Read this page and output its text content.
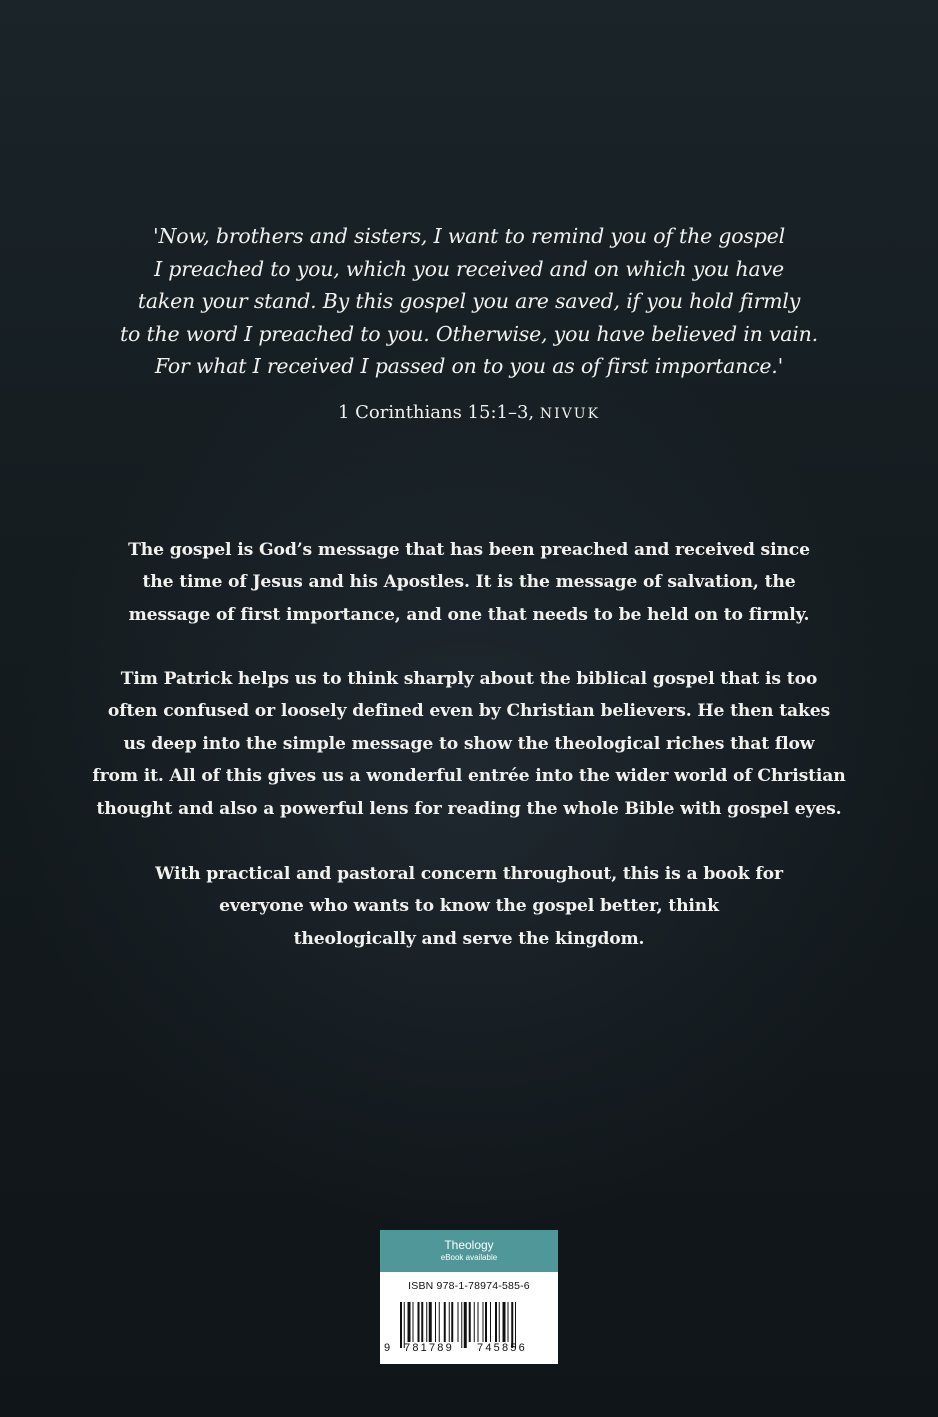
'Now, brothers and sisters, I want to remind you of the gospel
I preached to you, which you received and on which you have
taken your stand. By this gospel you are saved, if you hold firmly
to the word I preached to you. Otherwise, you have believed in vain.
For what I received I passed on to you as of first importance.'
1 Corinthians 15:1–3, NIVUK
The gospel is God’s message that has been preached and received since
the time of Jesus and his Apostles. It is the message of salvation, the
message of first importance, and one that needs to be held on to firmly.
Tim Patrick helps us to think sharply about the biblical gospel that is too
often confused or loosely defined even by Christian believers. He then takes
us deep into the simple message to show the theological riches that flow
from it. All of this gives us a wonderful entrée into the wider world of Christian
thought and also a powerful lens for reading the whole Bible with gospel eyes.
With practical and pastoral concern throughout, this is a book for
everyone who wants to know the gospel better, think
theologically and serve the kingdom.
Theology
eBook available
ISBN 978-1-78974-585-6
9 781789 745856
